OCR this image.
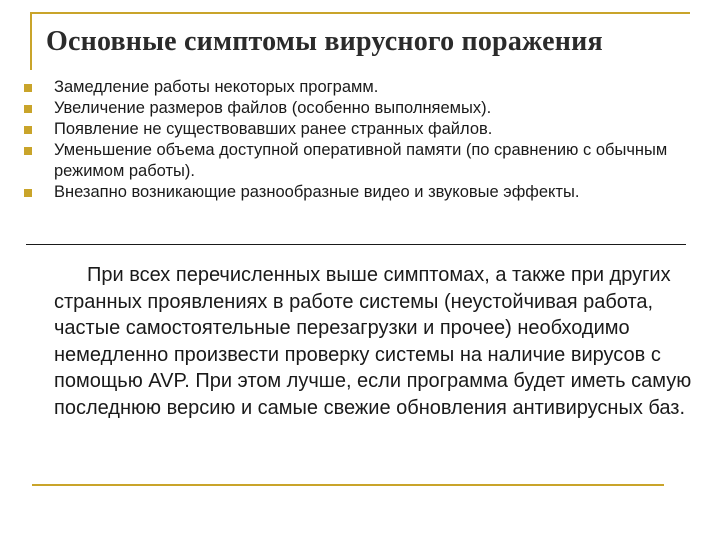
Основные симптомы вирусного поражения
Замедление работы некоторых программ.
Увеличение размеров файлов (особенно выполняемых).
Появление не существовавших ранее странных файлов.
Уменьшение объема доступной оперативной памяти (по сравнению с обычным режимом работы).
Внезапно возникающие разнообразные видео и звуковые эффекты.

При всех перечисленных выше симптомах, а также при других странных проявлениях в работе системы (неустойчивая работа, частые самостоятельные перезагрузки и прочее) необходимо немедленно произвести проверку системы на наличие вирусов с помощью AVP. При этом лучше, если программа будет иметь самую последнюю версию и самые свежие обновления антивирусных баз.
